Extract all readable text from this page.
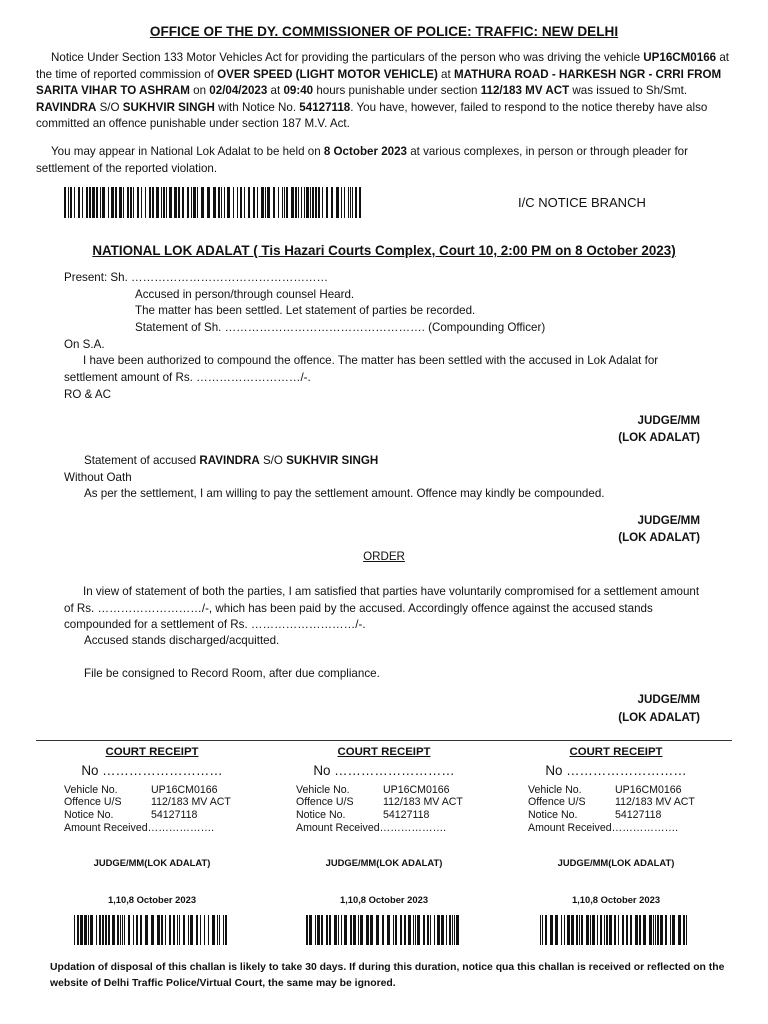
OFFICE OF THE DY. COMMISSIONER OF POLICE: TRAFFIC: NEW DELHI
Notice Under Section 133 Motor Vehicles Act for providing the particulars of the person who was driving the vehicle UP16CM0166 at the time of reported commission of OVER SPEED (LIGHT MOTOR VEHICLE) at MATHURA ROAD - HARKESH NGR - CRRI FROM SARITA VIHAR TO ASHRAM on 02/04/2023 at 09:40 hours punishable under section 112/183 MV ACT was issued to Sh/Smt. RAVINDRA S/O SUKHVIR SINGH with Notice No. 54127118. You have, however, failed to respond to the notice thereby have also committed an offence punishable under section 187 M.V. Act.
You may appear in National Lok Adalat to be held on 8 October 2023 at various complexes, in person or through pleader for settlement of the reported violation.
I/C NOTICE BRANCH
NATIONAL LOK ADALAT ( Tis Hazari Courts Complex, Court 10, 2:00 PM on 8 October 2023)
Present: Sh. ……………………………………………
Accused in person/through counsel Heard.
The matter has been settled. Let statement of parties be recorded.
Statement of Sh. ……………………………………………. (Compounding Officer)
On S.A.
I have been authorized to compound the offence. The matter has been settled with the accused in Lok Adalat for settlement amount of Rs. ………………………/-.
RO & AC
JUDGE/MM
(LOK ADALAT)
Statement of accused RAVINDRA S/O SUKHVIR SINGH
Without Oath
As per the settlement, I am willing to pay the settlement amount. Offence may kindly be compounded.
JUDGE/MM
(LOK ADALAT)
ORDER
In view of statement of both the parties, I am satisfied that parties have voluntarily compromised for a settlement amount of Rs. ………………………/-, which has been paid by the accused. Accordingly offence against the accused stands compounded for a settlement of Rs. ………………………/-.
Accused stands discharged/acquitted.
File be consigned to Record Room, after due compliance.
JUDGE/MM
(LOK ADALAT)
COURT RECEIPT
No ………………………
Vehicle No.	UP16CM0166
Offence U/S	112/183 MV ACT
Notice No.	54127118
Amount Received……………….
JUDGE/MM(LOK ADALAT)
1,10,8 October 2023
COURT RECEIPT
No ………………………
Vehicle No.	UP16CM0166
Offence U/S	112/183 MV ACT
Notice No.	54127118
Amount Received……………….
JUDGE/MM(LOK ADALAT)
1,10,8 October 2023
COURT RECEIPT
No ………………………
Vehicle No.	UP16CM0166
Offence U/S	112/183 MV ACT
Notice No.	54127118
Amount Received……………….
JUDGE/MM(LOK ADALAT)
1,10,8 October 2023
Updation of disposal of this challan is likely to take 30 days. If during this duration, notice qua this challan is received or reflected on the website of Delhi Traffic Police/Virtual Court, the same may be ignored.
